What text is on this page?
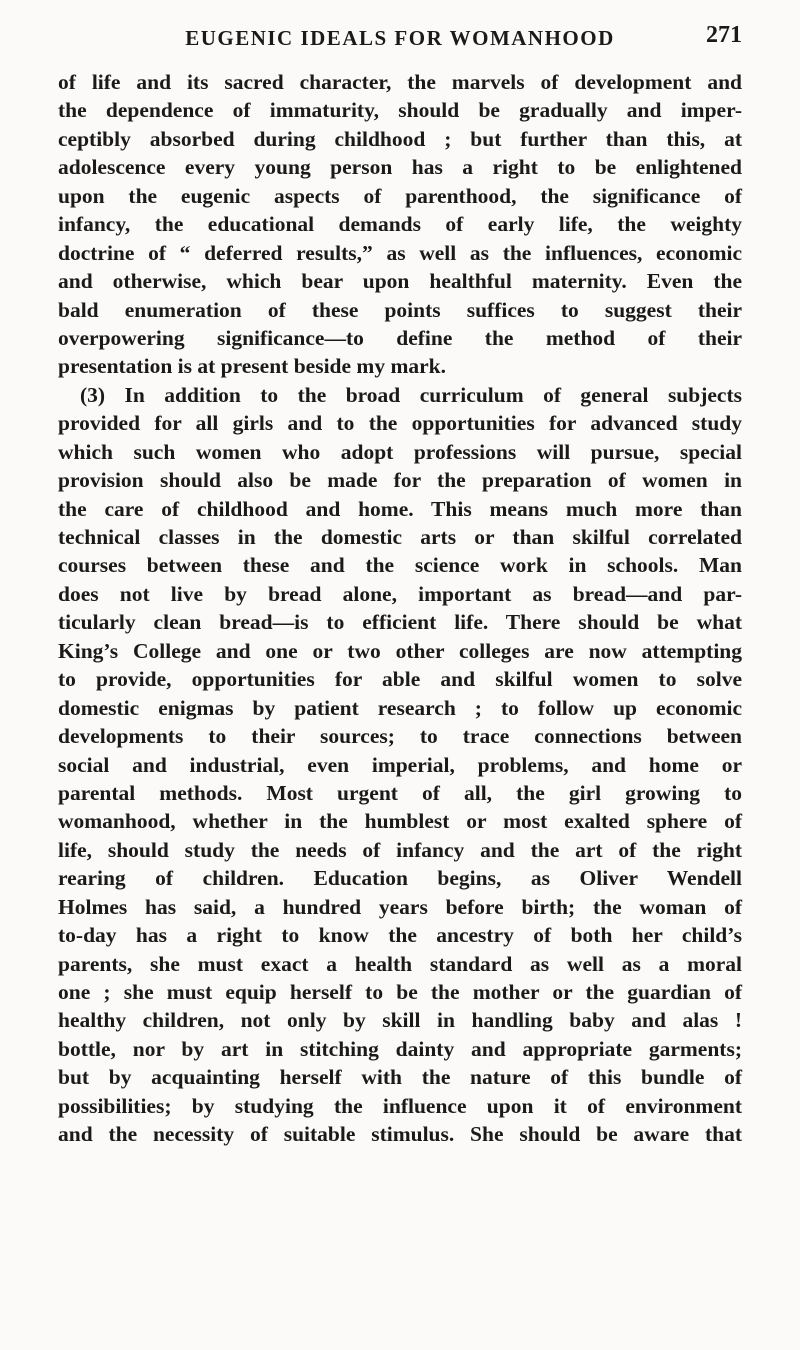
EUGENIC IDEALS FOR WOMANHOOD	271
of life and its sacred character, the marvels of development and
the dependence of immaturity, should be gradually and imper-
ceptibly absorbed during childhood ; but further than this, at
adolescence every young person has a right to be enlightened
upon the eugenic aspects of parenthood, the significance of
infancy, the educational demands of early life, the weighty
doctrine of “ deferred results,” as well as the influences, economic
and otherwise, which bear upon healthful maternity. Even the
bald enumeration of these points suffices to suggest their
overpowering significance—to define the method of their
presentation is at present beside my mark.
(3) In addition to the broad curriculum of general subjects
provided for all girls and to the opportunities for advanced study
which such women who adopt professions will pursue, special
provision should also be made for the preparation of women in
the care of childhood and home. This means much more than
technical classes in the domestic arts or than skilful correlated
courses between these and the science work in schools. Man
does not live by bread alone, important as bread—and par-
ticularly clean bread—is to efficient life. There should be what
King’s College and one or two other colleges are now attempting
to provide, opportunities for able and skilful women to solve
domestic enigmas by patient research ; to follow up economic
developments to their sources; to trace connections between
social and industrial, even imperial, problems, and home or
parental methods. Most urgent of all, the girl growing to
womanhood, whether in the humblest or most exalted sphere of
life, should study the needs of infancy and the art of the right
rearing of children. Education begins, as Oliver Wendell
Holmes has said, a hundred years before birth; the woman of
to-day has a right to know the ancestry of both her child’s
parents, she must exact a health standard as well as a moral
one ; she must equip herself to be the mother or the guardian of
healthy children, not only by skill in handling baby and alas !
bottle, nor by art in stitching dainty and appropriate garments;
but by acquainting herself with the nature of this bundle of
possibilities; by studying the influence upon it of environment
and the necessity of suitable stimulus. She should be aware that
